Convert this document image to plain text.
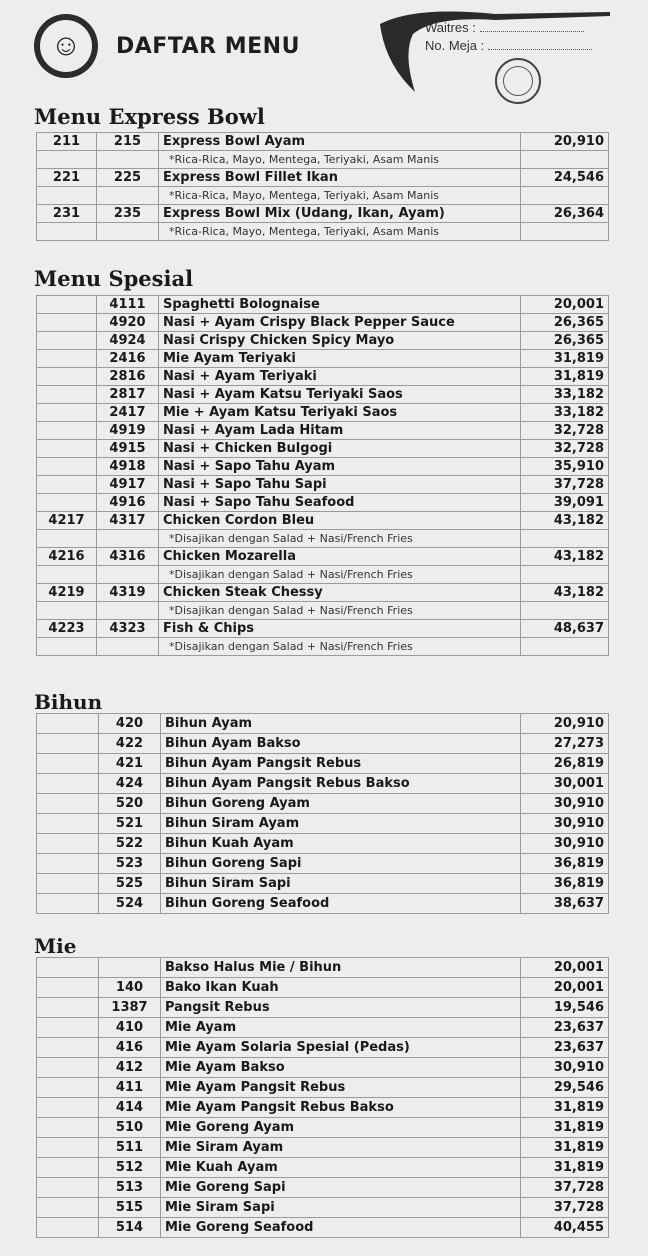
☺	DAFTAR MENU
Waitres :
No. Meja :
Menu Express Bowl
211	215	Express Bowl Ayam	20,910
		*Rica-Rica, Mayo, Mentega, Teriyaki, Asam Manis	
221	225	Express Bowl Fillet Ikan	24,546
		*Rica-Rica, Mayo, Mentega, Teriyaki, Asam Manis	
231	235	Express Bowl Mix (Udang, Ikan, Ayam)	26,364
		*Rica-Rica, Mayo, Mentega, Teriyaki, Asam Manis	
Menu Spesial
	4111	Spaghetti Bolognaise	20,001
	4920	Nasi + Ayam Crispy Black Pepper Sauce	26,365
	4924	Nasi Crispy Chicken Spicy Mayo	26,365
	2416	Mie Ayam Teriyaki	31,819
	2816	Nasi + Ayam Teriyaki	31,819
	2817	Nasi + Ayam Katsu Teriyaki Saos	33,182
	2417	Mie + Ayam Katsu Teriyaki Saos	33,182
	4919	Nasi + Ayam Lada Hitam	32,728
	4915	Nasi + Chicken Bulgogi	32,728
	4918	Nasi + Sapo Tahu Ayam	35,910
	4917	Nasi + Sapo Tahu Sapi	37,728
	4916	Nasi + Sapo Tahu Seafood	39,091
4217	4317	Chicken Cordon Bleu	43,182
		*Disajikan dengan Salad + Nasi/French Fries	
4216	4316	Chicken Mozarella	43,182
		*Disajikan dengan Salad + Nasi/French Fries	
4219	4319	Chicken Steak Chessy	43,182
		*Disajikan dengan Salad + Nasi/French Fries	
4223	4323	Fish & Chips	48,637
		*Disajikan dengan Salad + Nasi/French Fries	
Bihun
	420	Bihun Ayam	20,910
	422	Bihun Ayam Bakso	27,273
	421	Bihun Ayam Pangsit Rebus	26,819
	424	Bihun Ayam Pangsit Rebus Bakso	30,001
	520	Bihun Goreng Ayam	30,910
	521	Bihun Siram Ayam	30,910
	522	Bihun Kuah Ayam	30,910
	523	Bihun Goreng Sapi	36,819
	525	Bihun Siram Sapi	36,819
	524	Bihun Goreng Seafood	38,637
Mie
		Bakso Halus Mie / Bihun	20,001
	140	Bako Ikan Kuah	20,001
	1387	Pangsit Rebus	19,546
	410	Mie Ayam	23,637
	416	Mie Ayam Solaria Spesial (Pedas)	23,637
	412	Mie Ayam Bakso	30,910
	411	Mie Ayam Pangsit Rebus	29,546
	414	Mie Ayam Pangsit Rebus Bakso	31,819
	510	Mie Goreng Ayam	31,819
	511	Mie Siram Ayam	31,819
	512	Mie Kuah Ayam	31,819
	513	Mie Goreng Sapi	37,728
	515	Mie Siram Sapi	37,728
	514	Mie Goreng Seafood	40,455
